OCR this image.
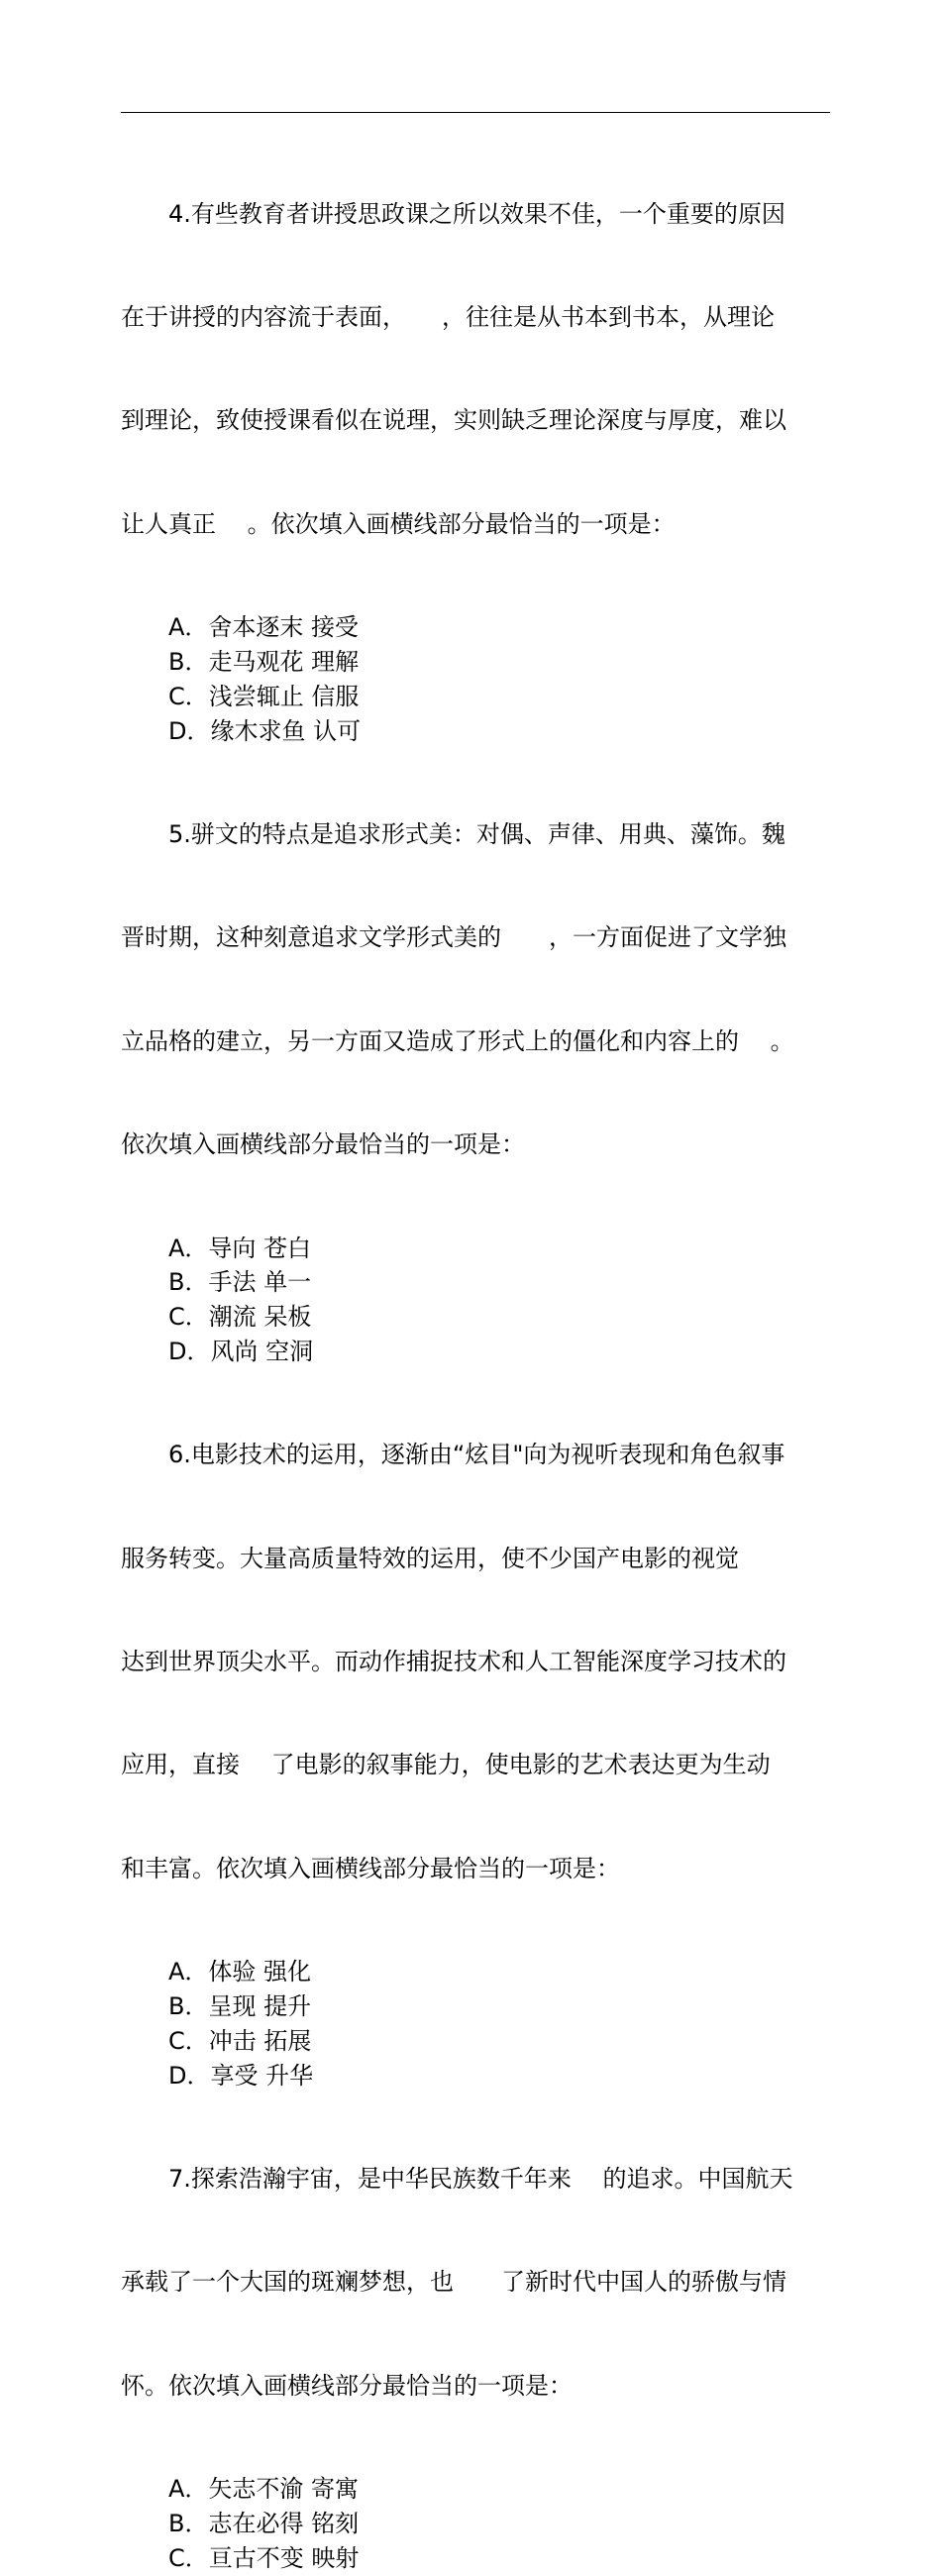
4.有些教育者讲授思政课之所以效果不佳，一个重要的原因

在于讲授的内容流于表面，　　，往往是从书本到书本，从理论

到理论，致使授课看似在说理，实则缺乏理论深度与厚度，难以

让人真正　 。依次填入画横线部分最恰当的一项是：

A．舍本逐末 接受
B．走马观花 理解
C．浅尝辄止 信服
D．缘木求鱼 认可

5.骈文的特点是追求形式美：对偶、声律、用典、藻饰。魏

晋时期，这种刻意追求文学形式美的　　，一方面促进了文学独

立品格的建立，另一方面又造成了形式上的僵化和内容上的　 。

依次填入画横线部分最恰当的一项是：

A．导向 苍白
B．手法 单一
C．潮流 呆板
D．风尚 空洞

6.电影技术的运用，逐渐由“炫目"向为视听表现和角色叙事

服务转变。大量高质量特效的运用，使不少国产电影的视觉

达到世界顶尖水平。而动作捕捉技术和人工智能深度学习技术的

应用，直接　 了电影的叙事能力，使电影的艺术表达更为生动

和丰富。依次填入画横线部分最恰当的一项是：

A．体验 强化
B．呈现 提升
C．冲击 拓展
D．享受 升华

7.探索浩瀚宇宙，是中华民族数千年来　 的追求。中国航天

承载了一个大国的斑斓梦想，也　　了新时代中国人的骄傲与情

怀。依次填入画横线部分最恰当的一项是：

A．矢志不渝 寄寓
B．志在必得 铭刻
C．亘古不变 映射
